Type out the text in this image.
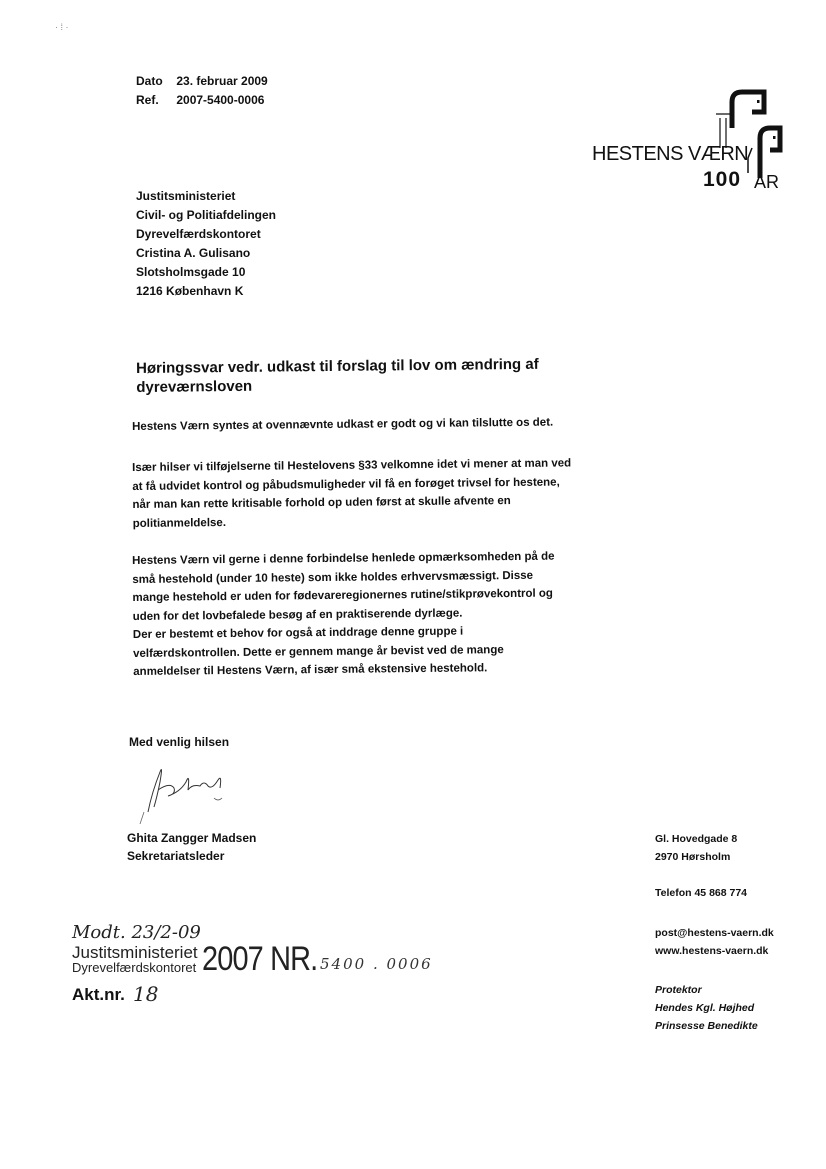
· ⁞ ·
Dato 23. februar 2009
Ref. 2007-5400-0006
HESTENS VÆRN
100 ÅR
Justitsministeriet
Civil- og Politiafdelingen
Dyrevelfærdskontoret
Cristina A. Gulisano
Slotsholmsgade 10
1216 København K
Høringssvar vedr. udkast til forslag til lov om ændring af dyreværnsloven
Hestens Værn syntes at ovennævnte udkast er godt og vi kan tilslutte os det.
Især hilser vi tilføjelserne til Hestelovens §33 velkomne idet vi mener at man ved at få udvidet kontrol og påbudsmuligheder vil få en forøget trivsel for hestene, når man kan rette kritisable forhold op uden først at skulle afvente en politianmeldelse.
Hestens Værn vil gerne i denne forbindelse henlede opmærksomheden på de små hestehold (under 10 heste) som ikke holdes erhvervsmæssigt. Disse mange hestehold er uden for fødevareregionernes rutine/stikprøvekontrol og uden for det lovbefalede besøg af en praktiserende dyrlæge.
Der er bestemt et behov for også at inddrage denne gruppe i velfærdskontrollen. Dette er gennem mange år bevist ved de mange anmeldelser til Hestens Værn, af især små ekstensive hestehold.
Med venlig hilsen
Ghita Zangger Madsen
Sekretariatsleder
Gl. Hovedgade 8
2970 Hørsholm
Telefon 45 868 774
post@hestens-vaern.dk
www.hestens-vaern.dk
Protektor
Hendes Kgl. Højhed
Prinsesse Benedikte
Modt. 23/2-09
Justitsministeriet
Dyrevelfærdskontoret 2007 NR. 5400 . 0006
Akt.nr. 18
